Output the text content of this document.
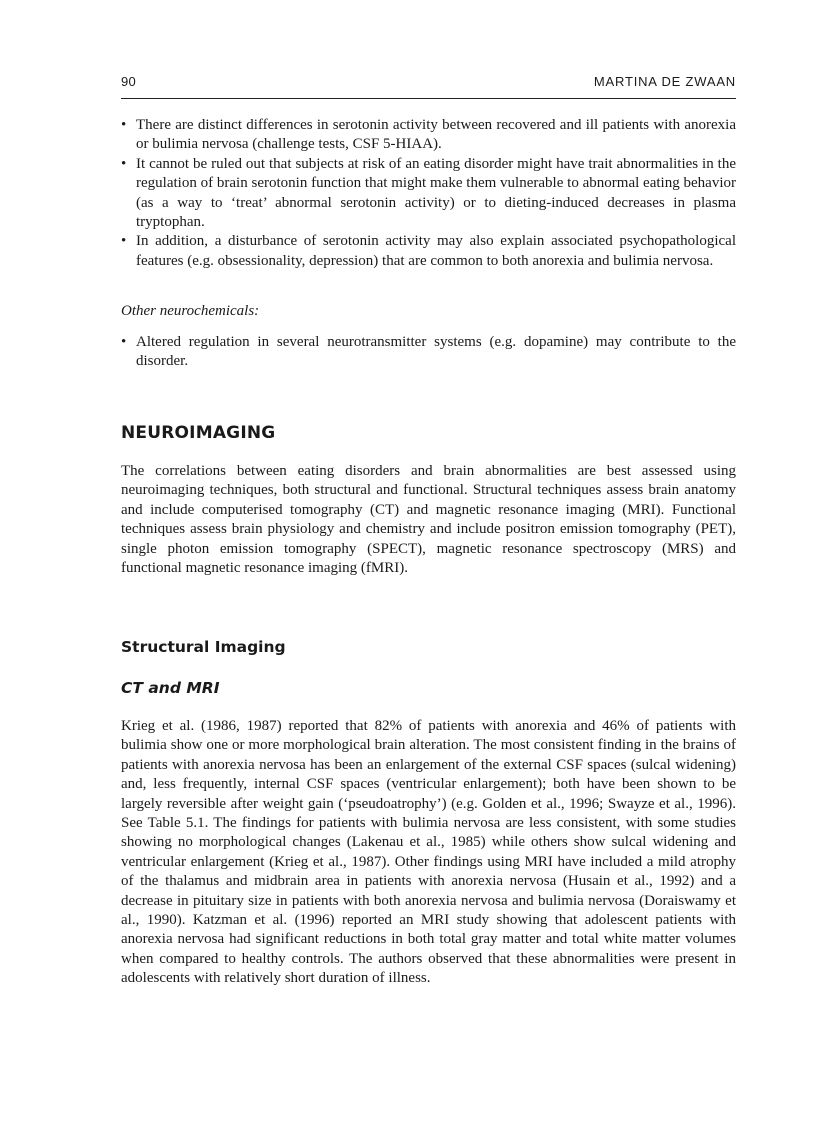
90	MARTINA DE ZWAAN
• There are distinct differences in serotonin activity between recovered and ill patients with anorexia or bulimia nervosa (challenge tests, CSF 5-HIAA).
• It cannot be ruled out that subjects at risk of an eating disorder might have trait abnormalities in the regulation of brain serotonin function that might make them vulnerable to abnormal eating behavior (as a way to ‘treat’ abnormal serotonin activity) or to dieting-induced decreases in plasma tryptophan.
• In addition, a disturbance of serotonin activity may also explain associated psychopathological features (e.g. obsessionality, depression) that are common to both anorexia and bulimia nervosa.
Other neurochemicals:
• Altered regulation in several neurotransmitter systems (e.g. dopamine) may contribute to the disorder.
NEUROIMAGING
The correlations between eating disorders and brain abnormalities are best assessed using neuroimaging techniques, both structural and functional. Structural techniques assess brain anatomy and include computerised tomography (CT) and magnetic resonance imaging (MRI). Functional techniques assess brain physiology and chemistry and include positron emission tomography (PET), single photon emission tomography (SPECT), magnetic resonance spectroscopy (MRS) and functional magnetic resonance imaging (fMRI).
Structural Imaging
CT and MRI
Krieg et al. (1986, 1987) reported that 82% of patients with anorexia and 46% of patients with bulimia show one or more morphological brain alteration. The most consistent finding in the brains of patients with anorexia nervosa has been an enlargement of the external CSF spaces (sulcal widening) and, less frequently, internal CSF spaces (ventricular enlargement); both have been shown to be largely reversible after weight gain (‘pseudoatrophy’) (e.g. Golden et al., 1996; Swayze et al., 1996). See Table 5.1. The findings for patients with bulimia nervosa are less consistent, with some studies showing no morphological changes (Lakenau et al., 1985) while others show sulcal widening and ventricular enlargement (Krieg et al., 1987). Other findings using MRI have included a mild atrophy of the thalamus and midbrain area in patients with anorexia nervosa (Husain et al., 1992) and a decrease in pituitary size in patients with both anorexia nervosa and bulimia nervosa (Doraiswamy et al., 1990). Katzman et al. (1996) reported an MRI study showing that adolescent patients with anorexia nervosa had significant reductions in both total gray matter and total white matter volumes when compared to healthy controls. The authors observed that these abnormalities were present in adolescents with relatively short duration of illness.
